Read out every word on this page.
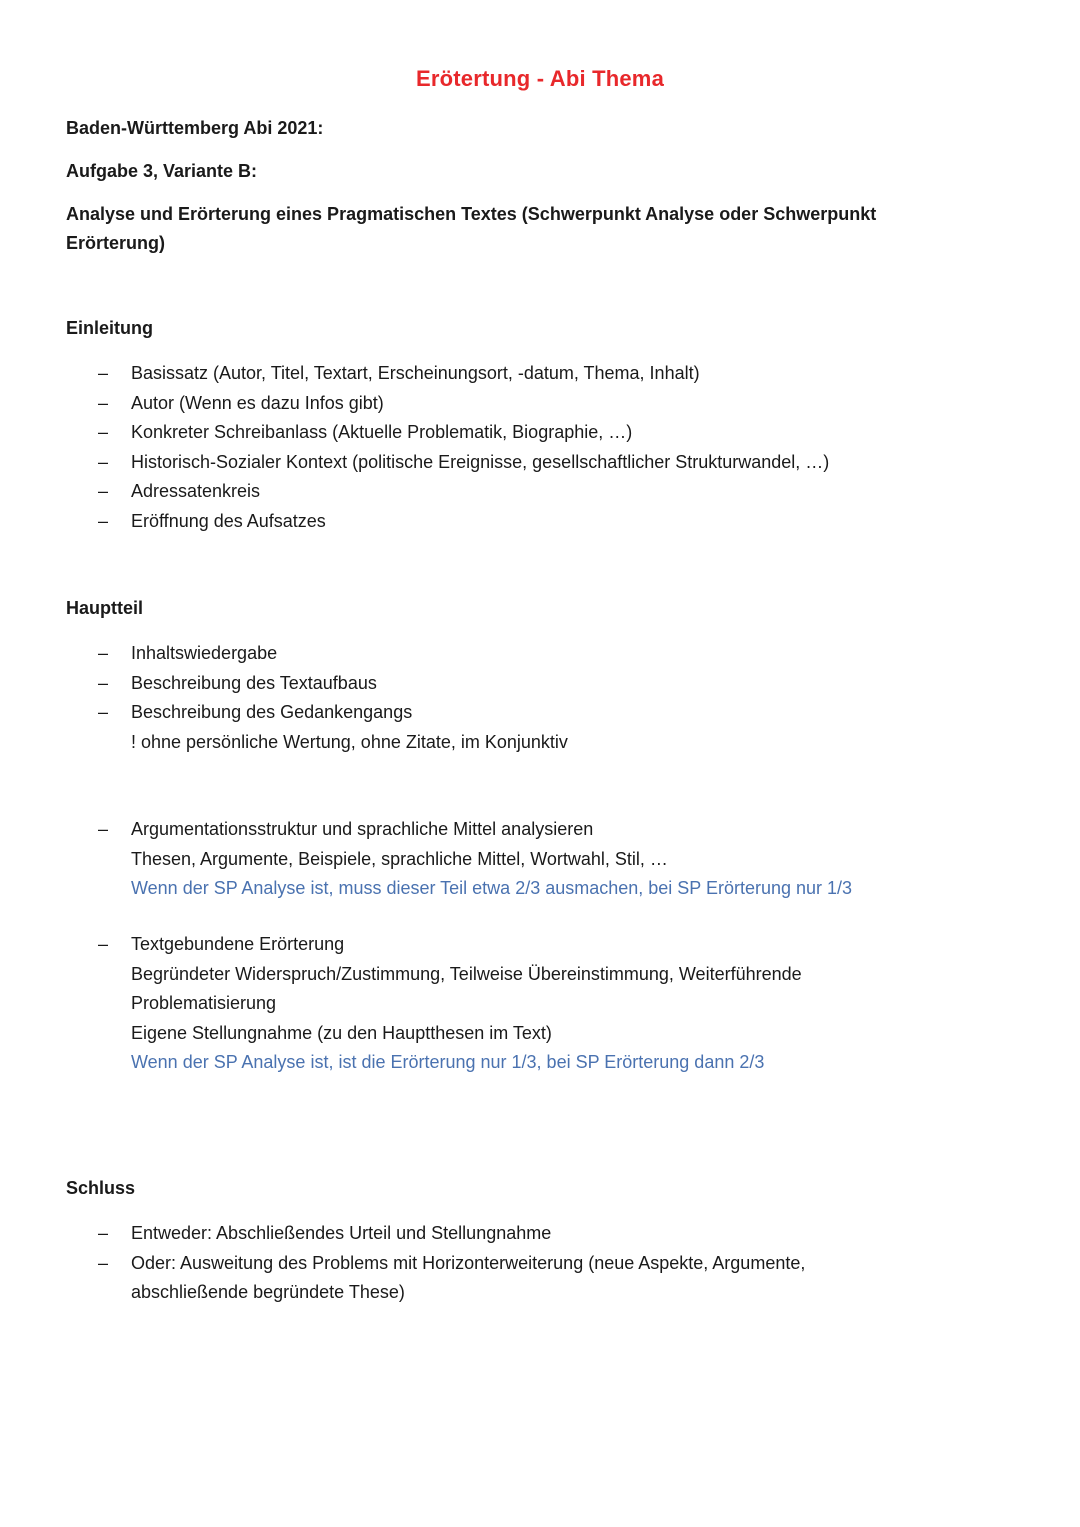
Erötertung - Abi Thema

Baden-Württemberg Abi 2021:

Aufgabe 3, Variante B:

Analyse und Erörterung eines Pragmatischen Textes (Schwerpunkt Analyse oder Schwerpunkt
Erörterung)

Einleitung

– Basissatz (Autor, Titel, Textart, Erscheinungsort, -datum, Thema, Inhalt)
– Autor (Wenn es dazu Infos gibt)
– Konkreter Schreibanlass (Aktuelle Problematik, Biographie, …)
– Historisch-Sozialer Kontext (politische Ereignisse, gesellschaftlicher Strukturwandel, …)
– Adressatenkreis
– Eröffnung des Aufsatzes

Hauptteil

– Inhaltswiedergabe
– Beschreibung des Textaufbaus
– Beschreibung des Gedankengangs
! ohne persönliche Wertung, ohne Zitate, im Konjunktiv
– Argumentationsstruktur und sprachliche Mittel analysieren
Thesen, Argumente, Beispiele, sprachliche Mittel, Wortwahl, Stil, …
Wenn der SP Analyse ist, muss dieser Teil etwa 2/3 ausmachen, bei SP Erörterung nur 1/3
– Textgebundene Erörterung
Begründeter Widerspruch/Zustimmung, Teilweise Übereinstimmung, Weiterführende
Problematisierung
Eigene Stellungnahme (zu den Hauptthesen im Text)
Wenn der SP Analyse ist, ist die Erörterung nur 1/3, bei SP Erörterung dann 2/3

Schluss

– Entweder: Abschließendes Urteil und Stellungnahme
– Oder: Ausweitung des Problems mit Horizonterweiterung (neue Aspekte, Argumente,
abschließende begründete These)
